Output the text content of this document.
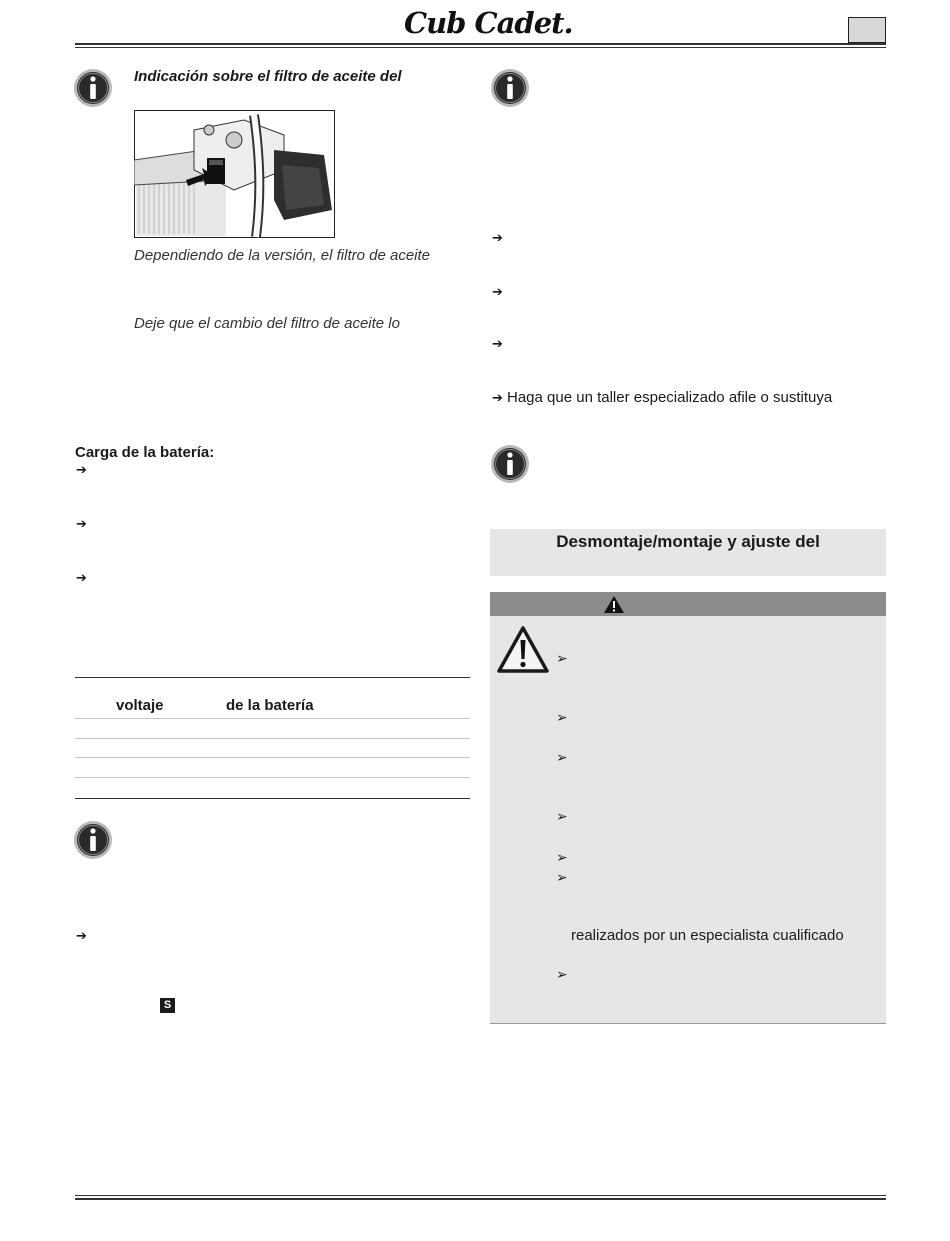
Cub Cadet.
Indicación sobre el filtro de aceite del
Dependiendo de la versión, el filtro de aceite
Deje que el cambio del filtro de aceite lo
Carga de la batería:
➔
➔
➔
voltaje	de la batería
➔
S
➔
➔
➔
➔ Haga que un taller especializado afile o sustituya
Desmontaje/montaje y ajuste del
➢
➢
➢
➢
➢
➢
realizados por un especialista cualificado
➢
